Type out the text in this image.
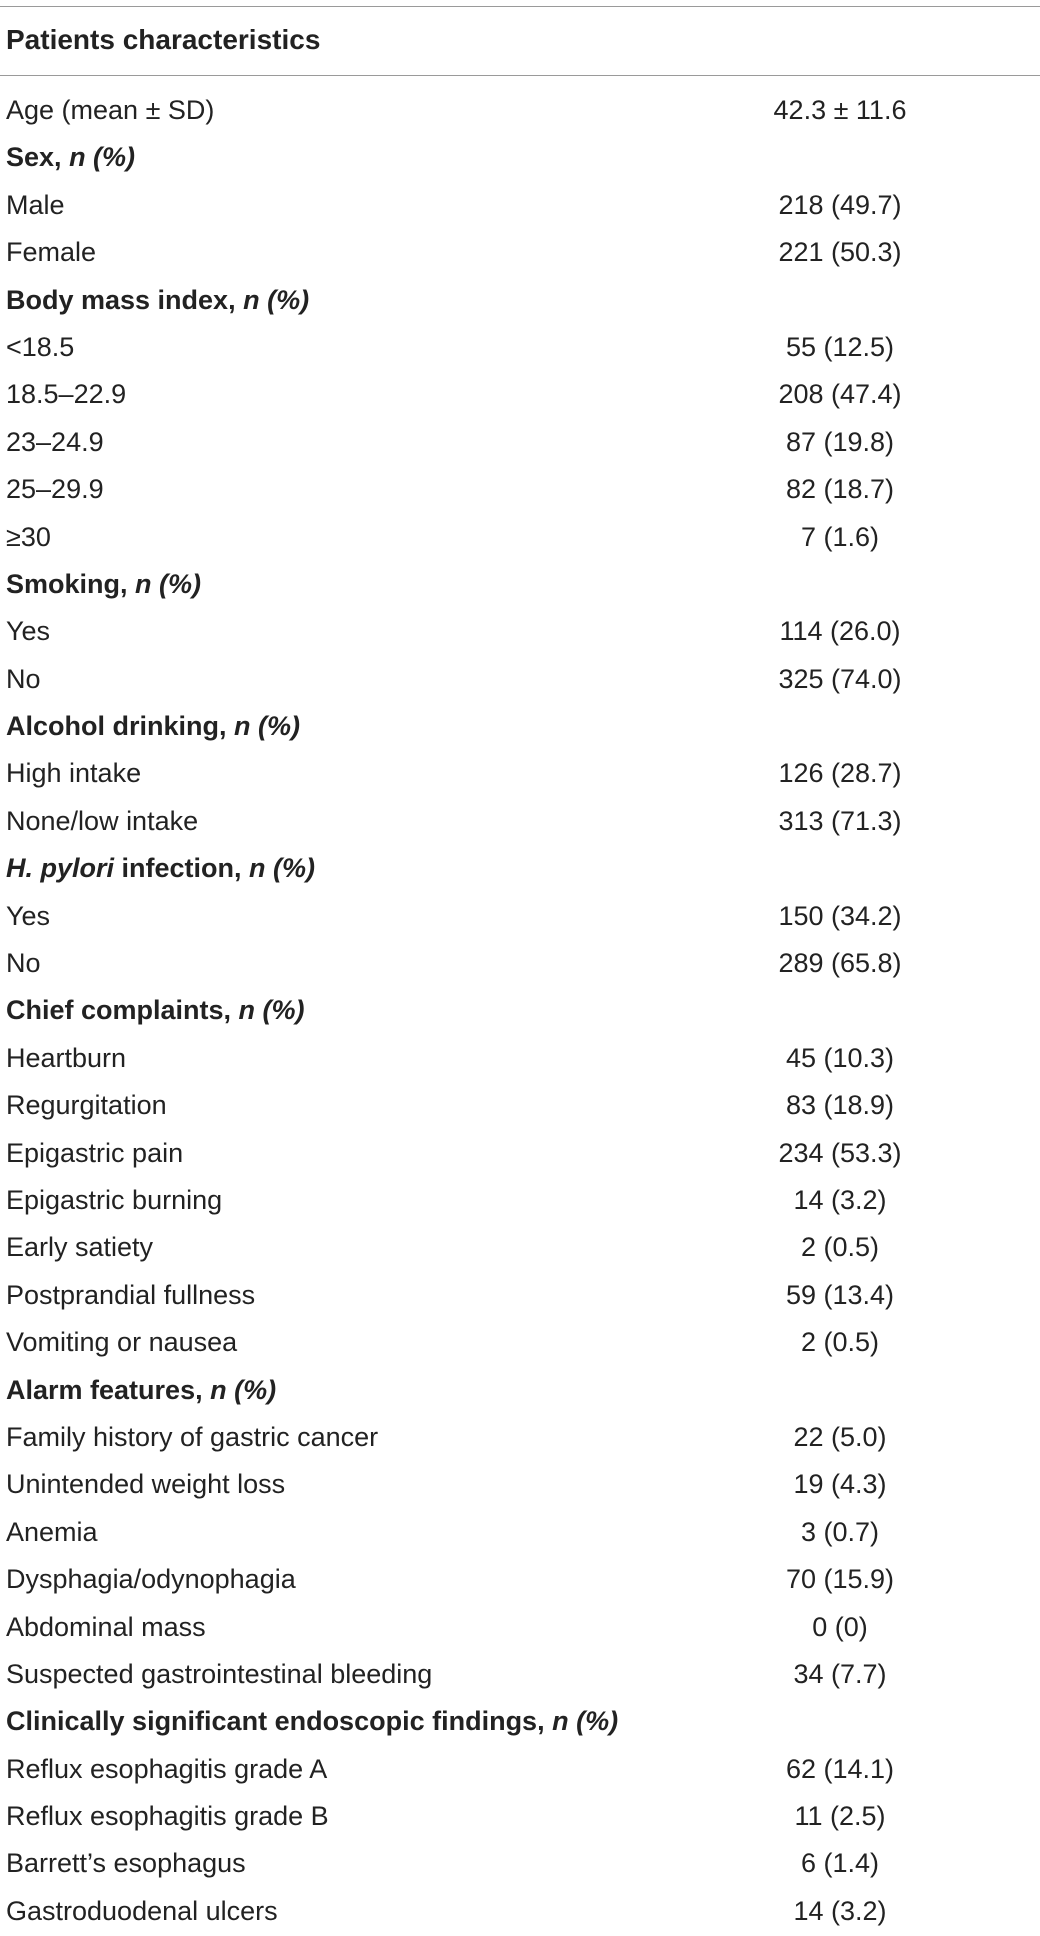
Patients characteristics
Age (mean ± SD)	42.3 ± 11.6
Sex, n (%)
Male	218 (49.7)
Female	221 (50.3)
Body mass index, n (%)
<18.5	55 (12.5)
18.5–22.9	208 (47.4)
23–24.9	87 (19.8)
25–29.9	82 (18.7)
≥30	7 (1.6)
Smoking, n (%)
Yes	114 (26.0)
No	325 (74.0)
Alcohol drinking, n (%)
High intake	126 (28.7)
None/low intake	313 (71.3)
H. pylori infection, n (%)
Yes	150 (34.2)
No	289 (65.8)
Chief complaints, n (%)
Heartburn	45 (10.3)
Regurgitation	83 (18.9)
Epigastric pain	234 (53.3)
Epigastric burning	14 (3.2)
Early satiety	2 (0.5)
Postprandial fullness	59 (13.4)
Vomiting or nausea	2 (0.5)
Alarm features, n (%)
Family history of gastric cancer	22 (5.0)
Unintended weight loss	19 (4.3)
Anemia	3 (0.7)
Dysphagia/odynophagia	70 (15.9)
Abdominal mass	0 (0)
Suspected gastrointestinal bleeding	34 (7.7)
Clinically significant endoscopic findings, n (%)
Reflux esophagitis grade A	62 (14.1)
Reflux esophagitis grade B	11 (2.5)
Barrett’s esophagus	6 (1.4)
Gastroduodenal ulcers	14 (3.2)
